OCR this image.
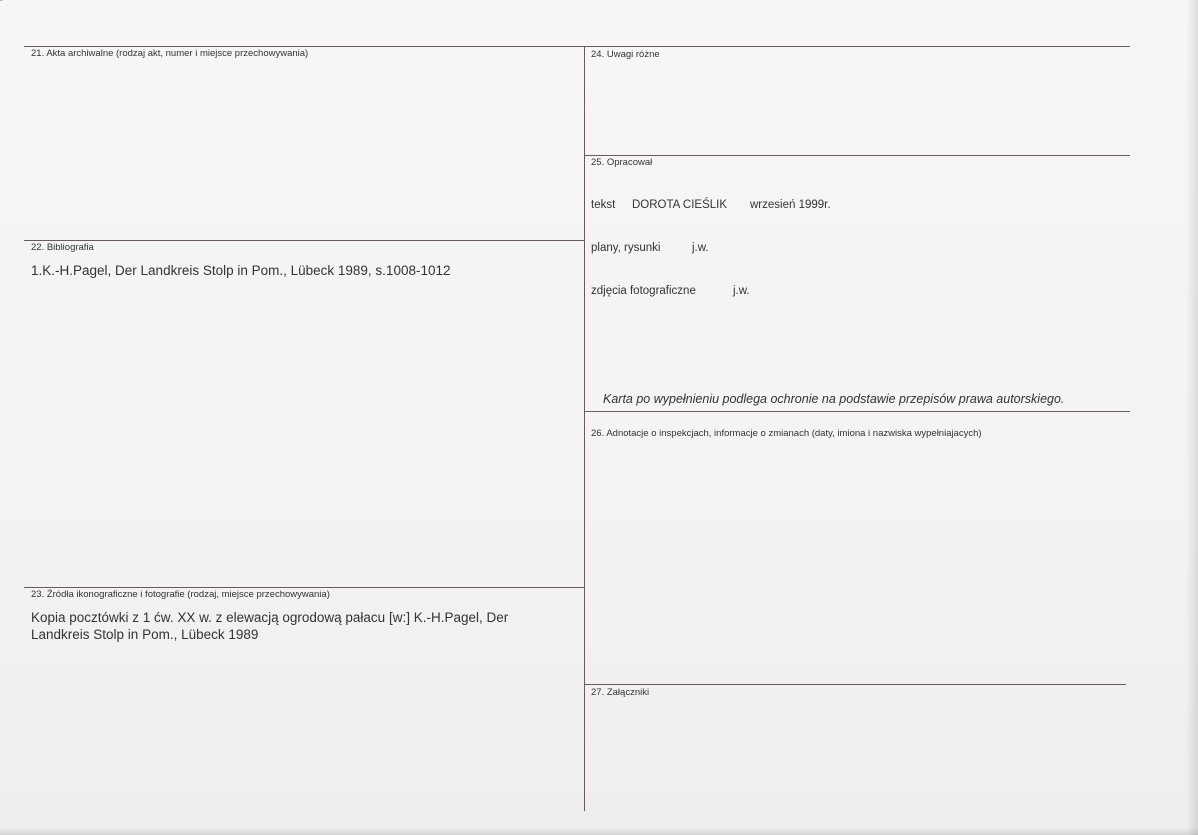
21. Akta archiwalne (rodzaj akt, numer i miejsce przechowywania)
22. Bibliografia
1.K.-H.Pagel, Der Landkreis Stolp in Pom., Lübeck 1989, s.1008-1012
23. Źródła ikonograficzne i fotografie (rodzaj, miejsce przechowywania)
Kopia pocztówki z 1 ćw. XX w. z elewacją ogrodową pałacu [w:] K.-H.Pagel, Der Landkreis Stolp in Pom., Lübeck 1989
24. Uwagi różne
25. Opracował
tekst DOROTA CIEŚLIK wrzesień 1999r.
plany, rysunki	j.w.
zdjęcia fotograficzne	j.w.
Karta po wypełnieniu podlega ochronie na podstawie przepisów prawa autorskiego.
26. Adnotacje o inspekcjach, informacje o zmianach (daty, imiona i nazwiska wypełniajacych)
27. Załączniki
